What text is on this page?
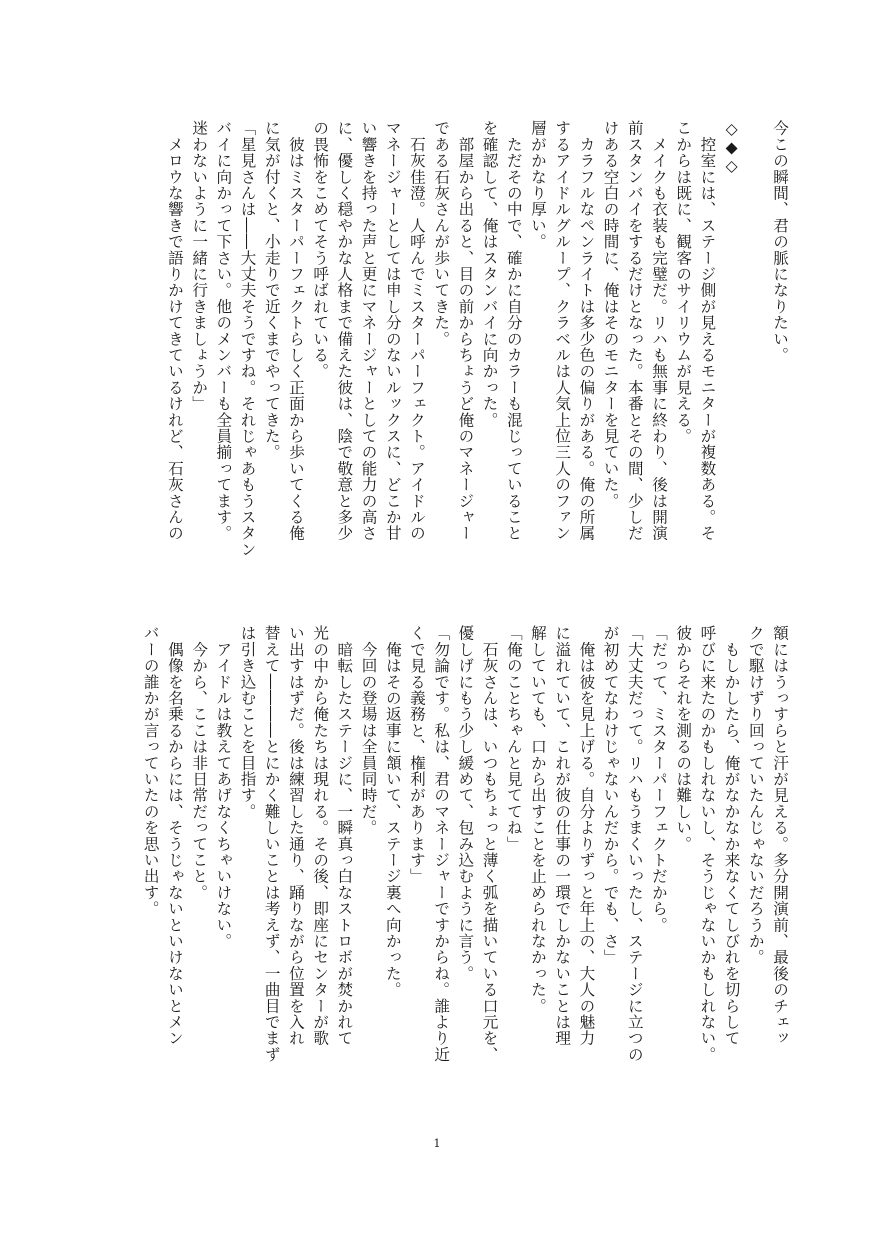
今この瞬間、君の脈になりたい。

◇◆◇

　控室には、ステージ側が見えるモニターが複数ある。そ

こからは既に、観客のサイリウムが見える。

　メイクも衣装も完璧だ。リハも無事に終わり、後は開演

前スタンバイをするだけとなった。本番とその間、少しだ

けある空白の時間に、俺はそのモニターを見ていた。

　カラフルなペンライトは多少色の偏りがある。俺の所属

するアイドルグループ、クラベルは人気上位三人のファン

層がかなり厚い。

　ただその中で、確かに自分のカラーも混じっていること

を確認して、俺はスタンバイに向かった。

　部屋から出ると、目の前からちょうど俺のマネージャー

である石灰さんが歩いてきた。

　石灰佳澄。人呼んでミスターパーフェクト。アイドルの

マネージャーとしては申し分のないルックスに、どこか甘

い響きを持った声と更にマネージャーとしての能力の高さ

に、優しく穏やかな人格まで備えた彼は、陰で敬意と多少

の畏怖をこめてそう呼ばれている。

　彼はミスターパーフェクトらしく正面から歩いてくる俺

に気が付くと、小走りで近くまでやってきた。

「星見さんは――大丈夫そうですね。それじゃあもうスタン

バイに向かって下さい。他のメンバーも全員揃ってます。

迷わないように一緒に行きましょうか」

　メロウな響きで語りかけてきているけれど、石灰さんの

額にはうっすらと汗が見える。多分開演前、最後のチェッ

クで駆けずり回っていたんじゃないだろうか。

　もしかしたら、俺がなかなか来なくてしびれを切らして

呼びに来たのかもしれないし、そうじゃないかもしれない。

彼からそれを測るのは難しい。

「だって、ミスターパーフェクトだから。

「大丈夫だって。リハもうまくいったし、ステージに立つの

が初めてなわけじゃないんだから。でも、さ」

　俺は彼を見上げる。自分よりずっと年上の、大人の魅力

に溢れていて、これが彼の仕事の一環でしかないことは理

解していても、口から出すことを止められなかった。

「俺のことちゃんと見ててね」

　石灰さんは、いつもちょっと薄く弧を描いている口元を、

優しげにもう少し緩めて、包み込むように言う。

「勿論です。私は、君のマネージャーですからね。誰より近

くで見る義務と、権利があります」

　俺はその返事に頷いて、ステージ裏へ向かった。

　今回の登場は全員同時だ。

　暗転したステージに、一瞬真っ白なストロボが焚かれて

光の中から俺たちは現れる。その後、即座にセンターが歌

い出すはずだ。後は練習した通り、踊りながら位置を入れ

替えて――――とにかく難しいことは考えず、一曲目でまず

は引き込むことを目指す。

　アイドルは教えてあげなくちゃいけない。

　今から、ここは非日常だってこと。

　偶像を名乗るからには、そうじゃないといけないとメン

バーの誰かが言っていたのを思い出す。

1
